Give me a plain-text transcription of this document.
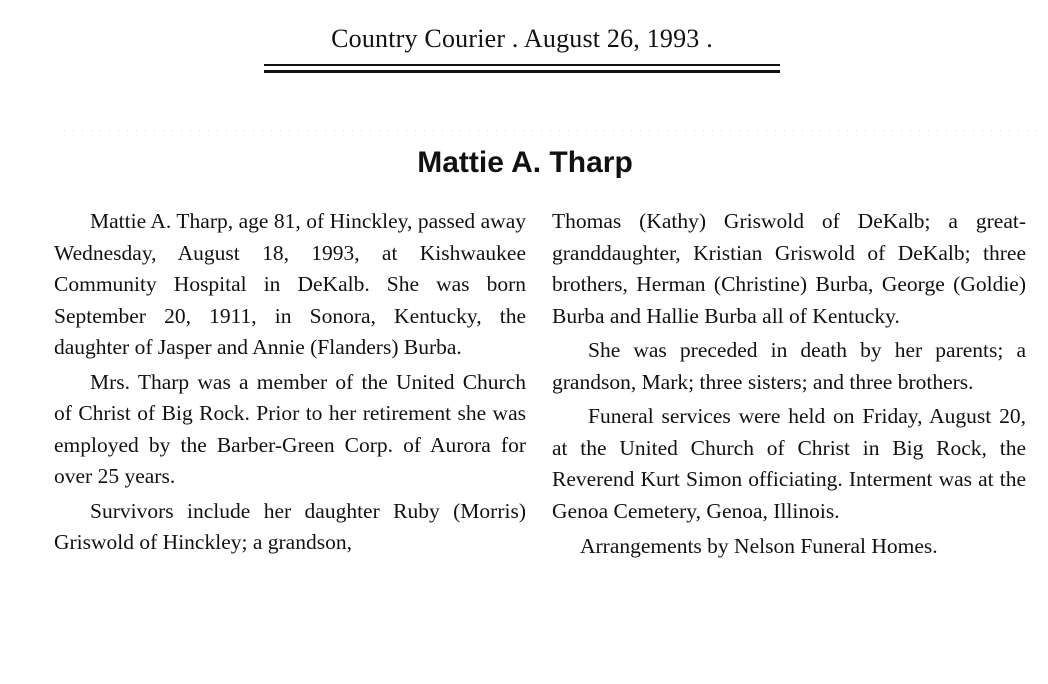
Country Courier . August 26, 1993 .
Mattie A. Tharp

Mattie A. Tharp, age 81, of Hinckley, passed away Wednesday, August 18, 1993, at Kishwaukee Community Hospital in DeKalb. She was born September 20, 1911, in Sonora, Kentucky, the daughter of Jasper and Annie (Flanders) Burba.

Mrs. Tharp was a member of the United Church of Christ of Big Rock. Prior to her retirement she was employed by the Barber-Green Corp. of Aurora for over 25 years.

Survivors include her daughter Ruby (Morris) Griswold of Hinckley; a grandson,

Thomas (Kathy) Griswold of DeKalb; a great-granddaughter, Kristian Griswold of DeKalb; three brothers, Herman (Christine) Burba, George (Goldie) Burba and Hallie Burba all of Kentucky.

She was preceded in death by her parents; a grandson, Mark; three sisters; and three brothers.

Funeral services were held on Friday, August 20, at the United Church of Christ in Big Rock, the Reverend Kurt Simon officiating. Interment was at the Genoa Cemetery, Genoa, Illinois.

Arrangements by Nelson Funeral Homes.
